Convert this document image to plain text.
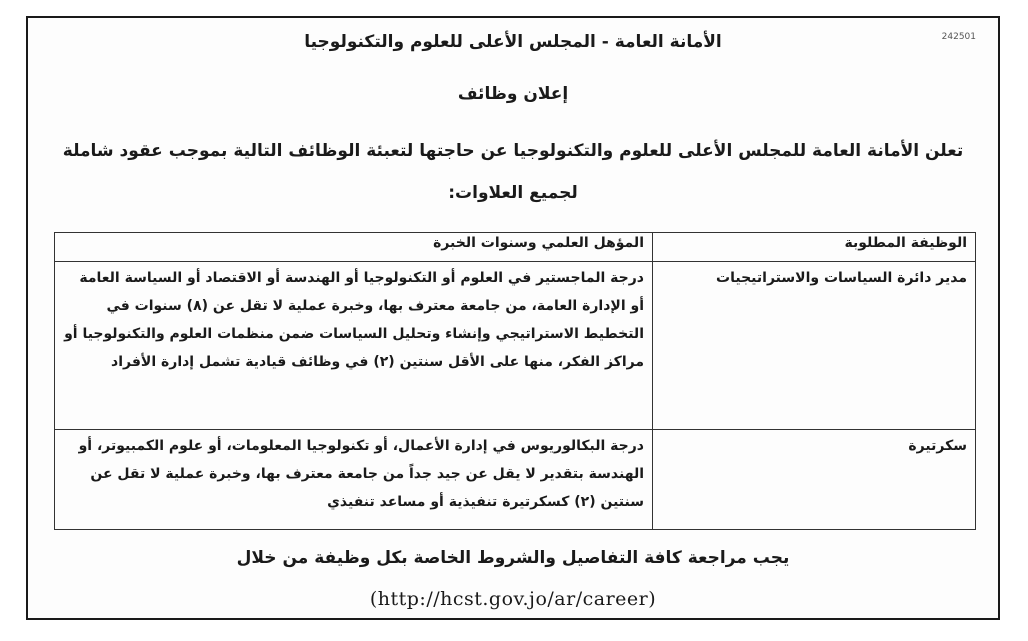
242501
الأمانة العامة - المجلس الأعلى للعلوم والتكنولوجيا
إعلان وظائف
تعلن الأمانة العامة للمجلس الأعلى للعلوم والتكنولوجيا عن حاجتها لتعبئة الوظائف التالية بموجب عقود شاملة لجميع العلاوات:
الوظيفة المطلوبة	المؤهل العلمي وسنوات الخبرة
مدير دائرة السياسات والاستراتيجيات	درجة الماجستير في العلوم أو التكنولوجيا أو الهندسة أو الاقتصاد أو السياسة العامة أو الإدارة العامة، من جامعة معترف بها، وخبرة عملية لا تقل عن (٨) سنوات في التخطيط الاستراتيجي وإنشاء وتحليل السياسات ضمن منظمات العلوم والتكنولوجيا أو مراكز الفكر، منها على الأقل سنتين (٢) في وظائف قيادية تشمل إدارة الأفراد
سكرتيرة	درجة البكالوريوس في إدارة الأعمال، أو تكنولوجيا المعلومات، أو علوم الكمبيوتر، أو الهندسة بتقدير لا يقل عن جيد جداً من جامعة معترف بها، وخبرة عملية لا تقل عن سنتين (٢) كسكرتيرة تنفيذية أو مساعد تنفيذي
يجب مراجعة كافة التفاصيل والشروط الخاصة بكل وظيفة من خلال
(http://hcst.gov.jo/ar/career)
